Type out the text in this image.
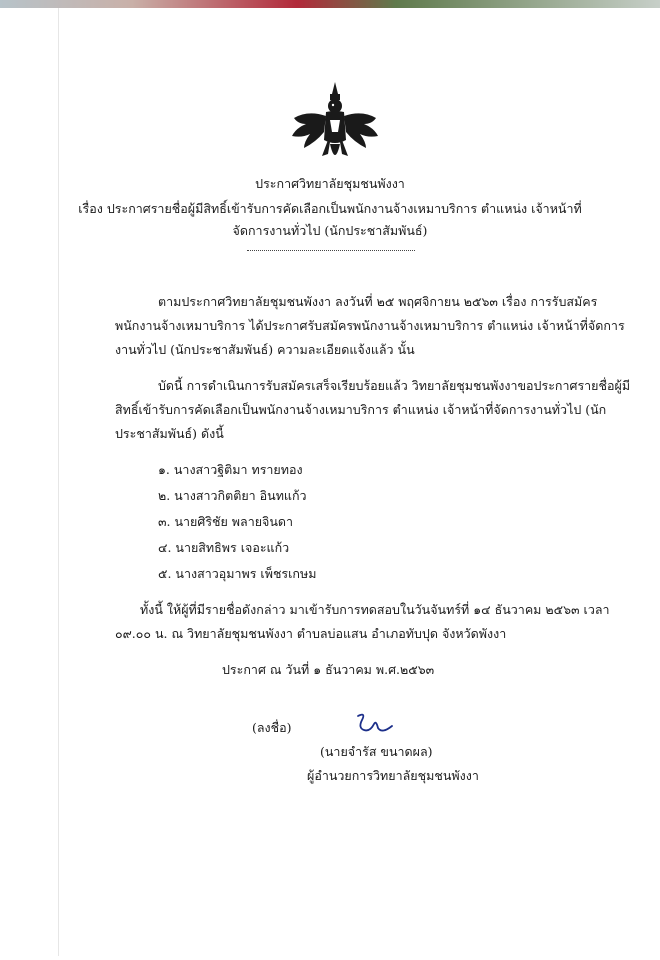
ประกาศวิทยาลัยชุมชนพังงา
เรื่อง ประกาศรายชื่อผู้มีสิทธิ์เข้ารับการคัดเลือกเป็นพนักงานจ้างเหมาบริการ ตำแหน่ง เจ้าหน้าที่
จัดการงานทั่วไป (นักประชาสัมพันธ์)
ตามประกาศวิทยาลัยชุมชนพังงา ลงวันที่ ๒๕ พฤศจิกายน ๒๕๖๓ เรื่อง การรับสมัคร
พนักงานจ้างเหมาบริการ ได้ประกาศรับสมัครพนักงานจ้างเหมาบริการ ตำแหน่ง เจ้าหน้าที่จัดการ
งานทั่วไป (นักประชาสัมพันธ์) ความละเอียดแจ้งแล้ว นั้น
บัดนี้ การดำเนินการรับสมัครเสร็จเรียบร้อยแล้ว วิทยาลัยชุมชนพังงาขอประกาศรายชื่อผู้มี
สิทธิ์เข้ารับการคัดเลือกเป็นพนักงานจ้างเหมาบริการ ตำแหน่ง เจ้าหน้าที่จัดการงานทั่วไป (นัก
ประชาสัมพันธ์) ดังนี้
๑. นางสาวฐิติมา ทรายทอง
๒. นางสาวกิตติยา อินทแก้ว
๓. นายศิริชัย พลายจินดา
๔. นายสิทธิพร เจอะแก้ว
๕. นางสาวอุมาพร เพ็ชรเกษม
ทั้งนี้ ให้ผู้ที่มีรายชื่อดังกล่าว มาเข้ารับการทดสอบในวันจันทร์ที่ ๑๔ ธันวาคม ๒๕๖๓ เวลา
๐๙.๐๐ น. ณ วิทยาลัยชุมชนพังงา ตำบลบ่อแสน อำเภอทับปุด จังหวัดพังงา
ประกาศ ณ วันที่ ๑ ธันวาคม พ.ศ.๒๕๖๓
(ลงชื่อ)
(นายจำรัส ขนาดผล)
ผู้อำนวยการวิทยาลัยชุมชนพังงา
